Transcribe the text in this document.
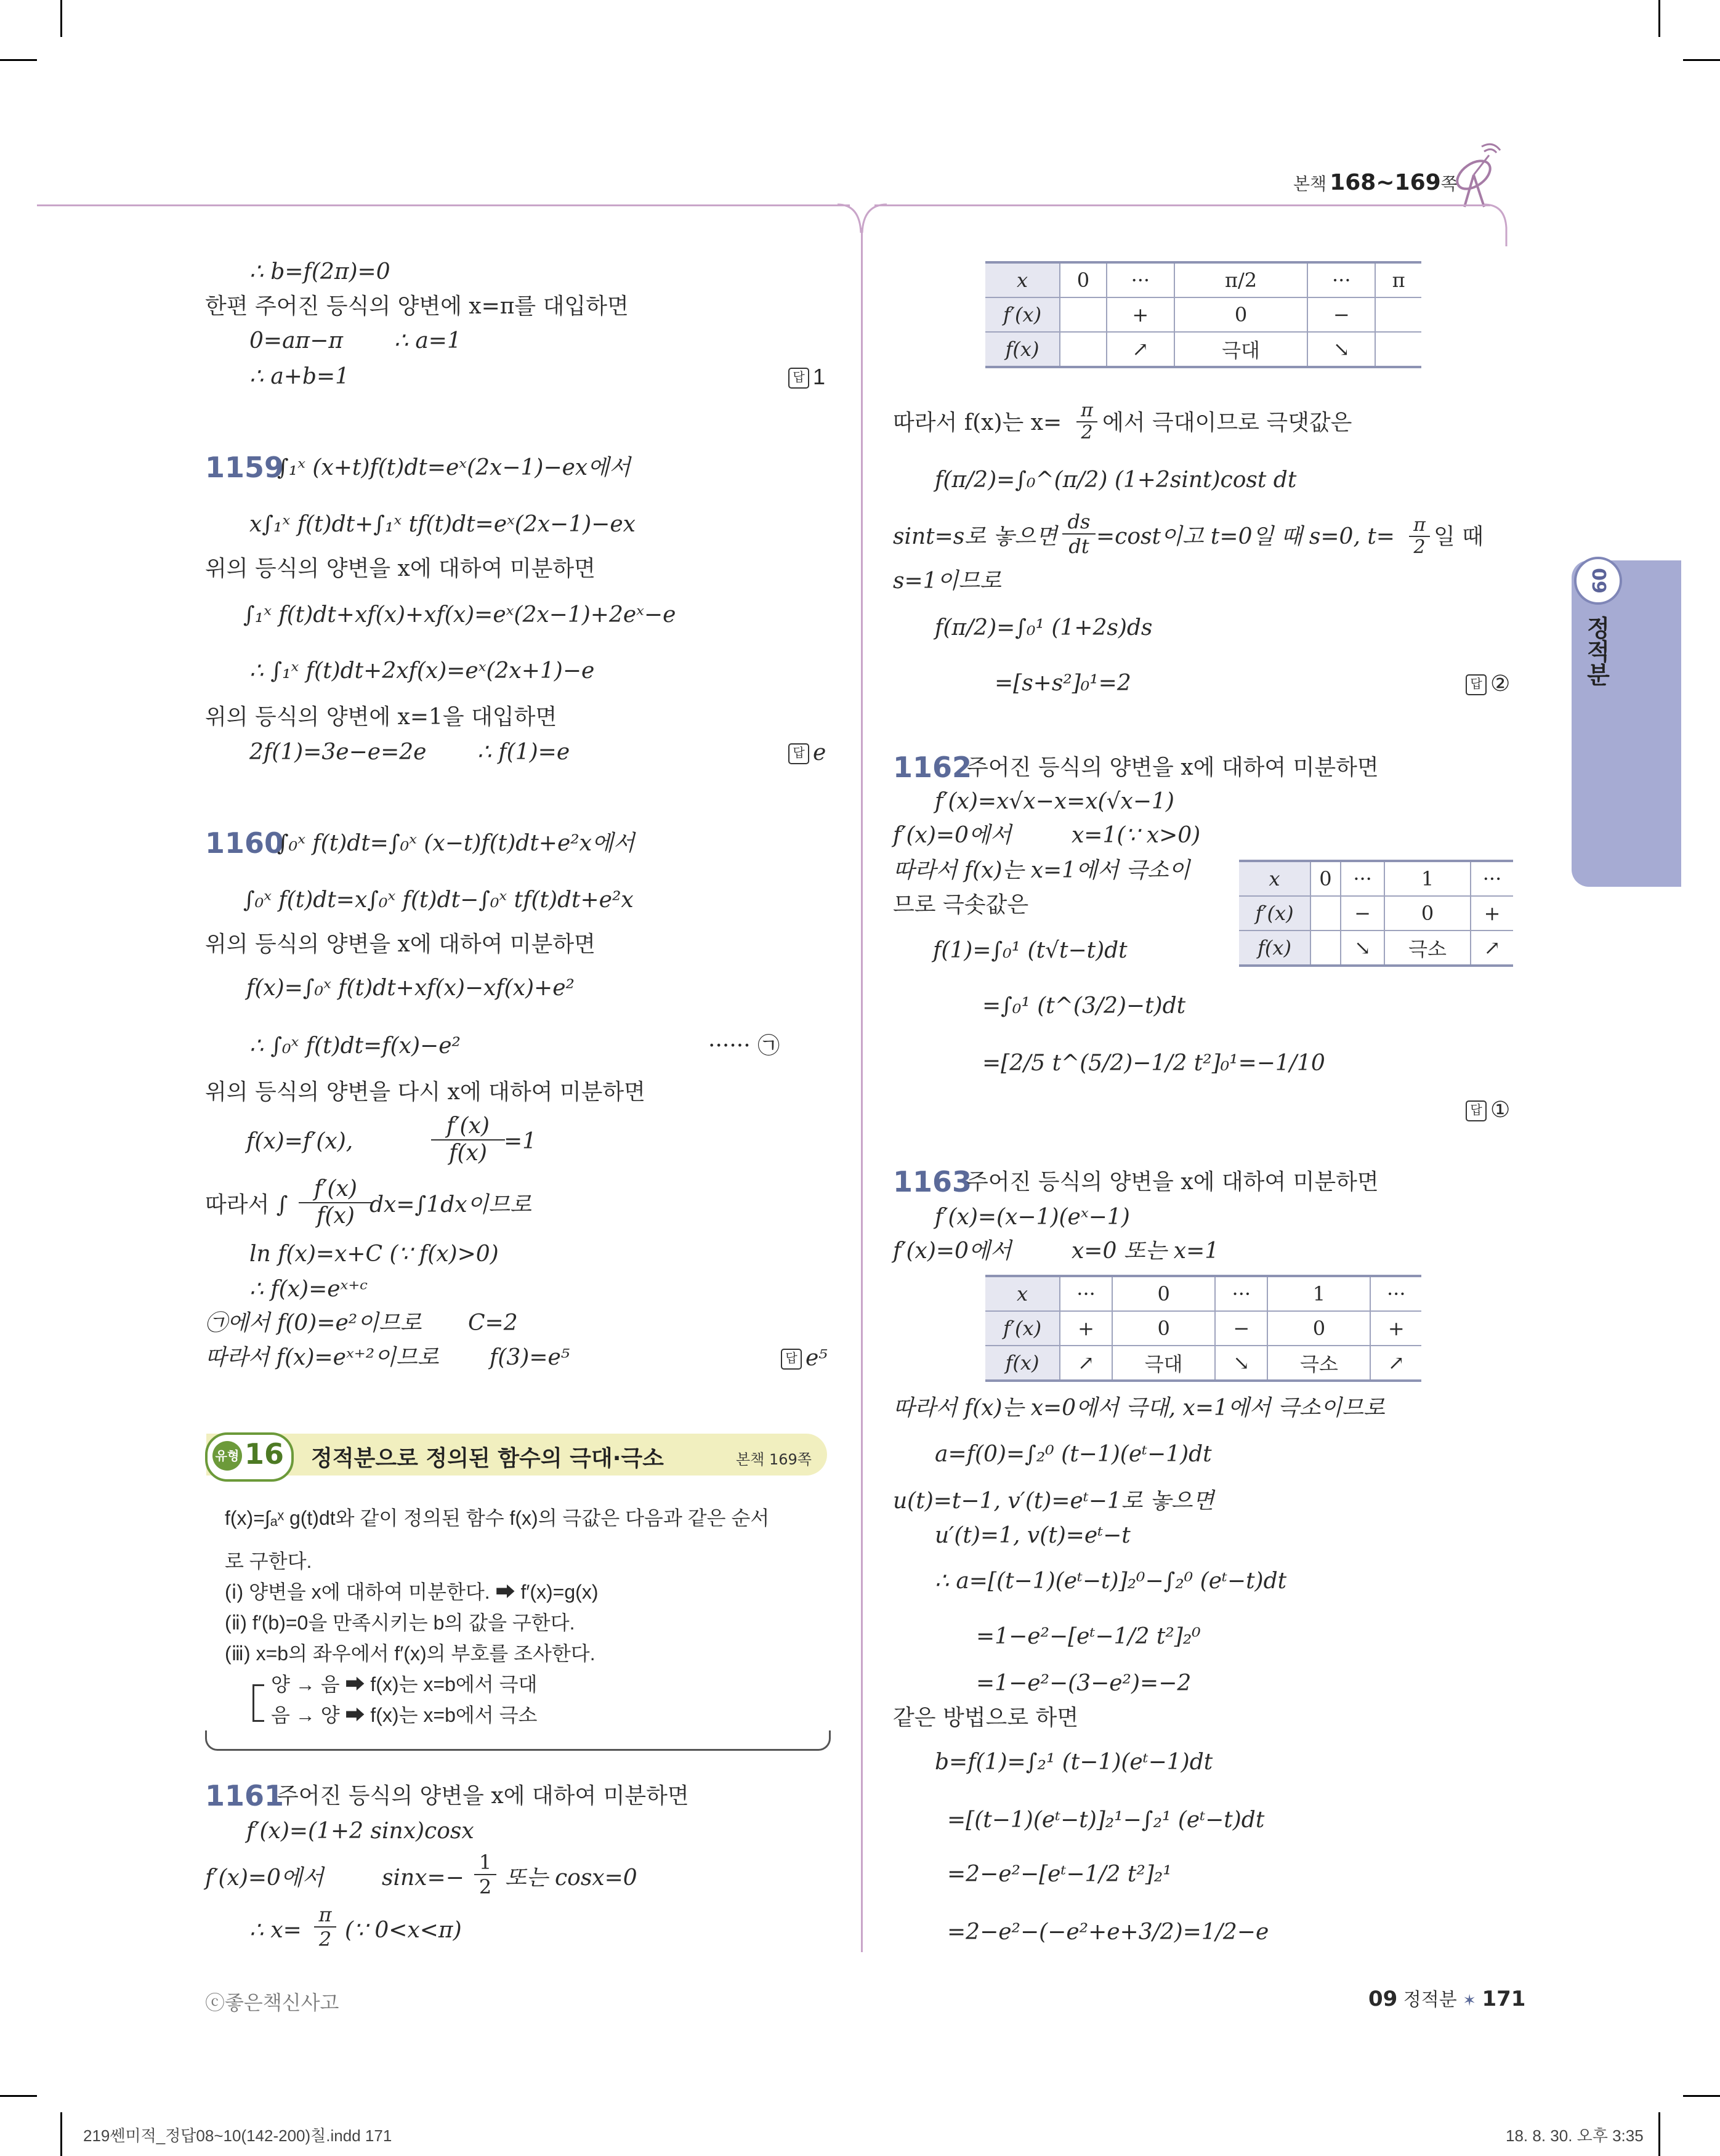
본책 168~169쪽
09
정적분
∴ b=f(2π)=0
한편 주어진 등식의 양변에 x=π를 대입하면
0=aπ−π ∴ a=1
∴ a+b=1	답 1
1159
∫₁ˣ (x+t)f(t)dt=eˣ(2x−1)−ex에서
x∫₁ˣ f(t)dt+∫₁ˣ tf(t)dt=eˣ(2x−1)−ex
위의 등식의 양변을 x에 대하여 미분하면
∫₁ˣ f(t)dt+xf(x)+xf(x)=eˣ(2x−1)+2eˣ−e
∴ ∫₁ˣ f(t)dt+2xf(x)=eˣ(2x+1)−e
위의 등식의 양변에 x=1을 대입하면
2f(1)=3e−e=2e ∴ f(1)=e	답 e
1160
∫₀ˣ f(t)dt=∫₀ˣ (x−t)f(t)dt+e²x에서
∫₀ˣ f(t)dt=x∫₀ˣ f(t)dt−∫₀ˣ tf(t)dt+e²x
위의 등식의 양변을 x에 대하여 미분하면
f(x)=∫₀ˣ f(t)dt+xf(x)−xf(x)+e²
∴ ∫₀ˣ f(t)dt=f(x)−e²	······ ㉠
위의 등식의 양변을 다시 x에 대하여 미분하면
f(x)=f′(x),
f′(x)
f(x) =1
따라서 ∫
f′(x)
f(x) dx=∫1dx이므로
ln f(x)=x+C (∵ f(x)>0)
∴ f(x)=eˣ⁺ᶜ
㉠에서 f(0)=e²이므로 C=2
따라서 f(x)=eˣ⁺²이므로 f(3)=e⁵	답 e⁵
유형 16 정적분으로 정의된 함수의 극대·극소	본책 169쪽
f(x)=∫ₐˣ g(t)dt와 같이 정의된 함수 f(x)의 극값은 다음과 같은 순서
로 구한다.
(ⅰ) 양변을 x에 대하여 미분한다. ➡ f′(x)=g(x)
(ⅱ) f′(b)=0을 만족시키는 b의 값을 구한다.
(ⅲ) x=b의 좌우에서 f′(x)의 부호를 조사한다.
양 → 음 ➡ f(x)는 x=b에서 극대
음 → 양 ➡ f(x)는 x=b에서 극소
1161
주어진 등식의 양변을 x에 대하여 미분하면
f′(x)=(1+2 sinx)cosx
f′(x)=0에서	sinx=−
1
2 또는 cosx=0
∴ x=
π
2 (∵ 0<x<π)
x	0	···	π/2	···	π
f′(x)		+	0	−	
f(x)		↗	극대	↘	
따라서 f(x)는 x= π
2 에서 극대이므로 극댓값은
f(π/2)=∫₀^(π/2) (1+2sint)cost dt
sint=s로 놓으면
ds
dt =cost이고 t=0일 때 s=0, t= π
2 일 때
s=1이므로
f(π/2)=∫₀¹ (1+2s)ds
=[s+s²]₀¹=2	답 ②
1162
주어진 등식의 양변을 x에 대하여 미분하면
f′(x)=x√x−x=x(√x−1)
f′(x)=0에서	x=1(∵ x>0)
따라서 f(x)는 x=1에서 극소이
므로 극솟값은
f(1)=∫₀¹ (t√t−t)dt
=∫₀¹ (t^(3/2)−t)dt
=[2/5 t^(5/2)−1/2 t²]₀¹=−1/10
답 ①
x	0	···	1	···
f′(x)		−	0	+
f(x)		↘	극소	↗
1163
주어진 등식의 양변을 x에 대하여 미분하면
f′(x)=(x−1)(eˣ−1)
f′(x)=0에서	x=0 또는 x=1
x	···	0	···	1	···
f′(x)	+	0	−	0	+
f(x)	↗	극대	↘	극소	↗
따라서 f(x)는 x=0에서 극대, x=1에서 극소이므로
a=f(0)=∫₂⁰ (t−1)(eᵗ−1)dt
u(t)=t−1, v′(t)=eᵗ−1로 놓으면
u′(t)=1, v(t)=eᵗ−t
∴ a=[(t−1)(eᵗ−t)]₂⁰−∫₂⁰ (eᵗ−t)dt
=1−e²−[eᵗ−1/2 t²]₂⁰
=1−e²−(3−e²)=−2
같은 방법으로 하면
b=f(1)=∫₂¹ (t−1)(eᵗ−1)dt
=[(t−1)(eᵗ−t)]₂¹−∫₂¹ (eᵗ−t)dt
=2−e²−[eᵗ−1/2 t²]₂¹
=2−e²−(−e²+e+3/2)=1/2−e
ⓒ좋은책신사고	09 정적분 ✶ 171
219쎈미적_정답08~10(142-200)칠.indd 171	18. 8. 30. 오후 3:35
